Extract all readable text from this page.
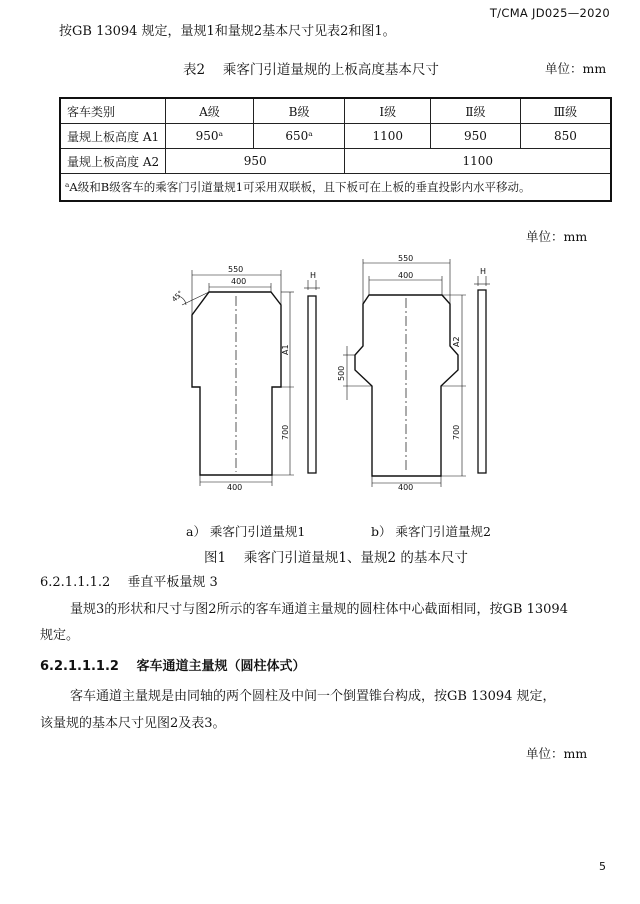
T/CMA JD025—2020
按GB 13094 规定，量规1和量规2基本尺寸见表2和图1。
表2　 乘客门引道量规的上板高度基本尺寸	单位：mm
客车类别	A级	B级	Ⅰ级	Ⅱ级	Ⅲ级
量规上板高度 A1	950ᵃ	650ᵃ	1100	950	850
量规上板高度 A2	950		1100		
ᵃA级和B级客车的乘客门引道量规1可采用双联板，且下板可在上板的垂直投影内水平移动。					
单位：mm
550
400
400
45°
A1
700
H
550
400
400
500
A2
700
H
a） 乘客门引道量规1	b） 乘客门引道量规2
图1　 乘客门引道量规1、量规2 的基本尺寸
6.2.1.1.1.2　 垂直平板量规 3
量规3的形状和尺寸与图2所示的客车通道主量规的圆柱体中心截面相同，按GB 13094
规定。
6.2.1.1.1.2　 客车通道主量规（圆柱体式）
客车通道主量规是由同轴的两个圆柱及中间一个倒置锥台构成，按GB 13094 规定，
该量规的基本尺寸见图2及表3。
单位：mm
5
